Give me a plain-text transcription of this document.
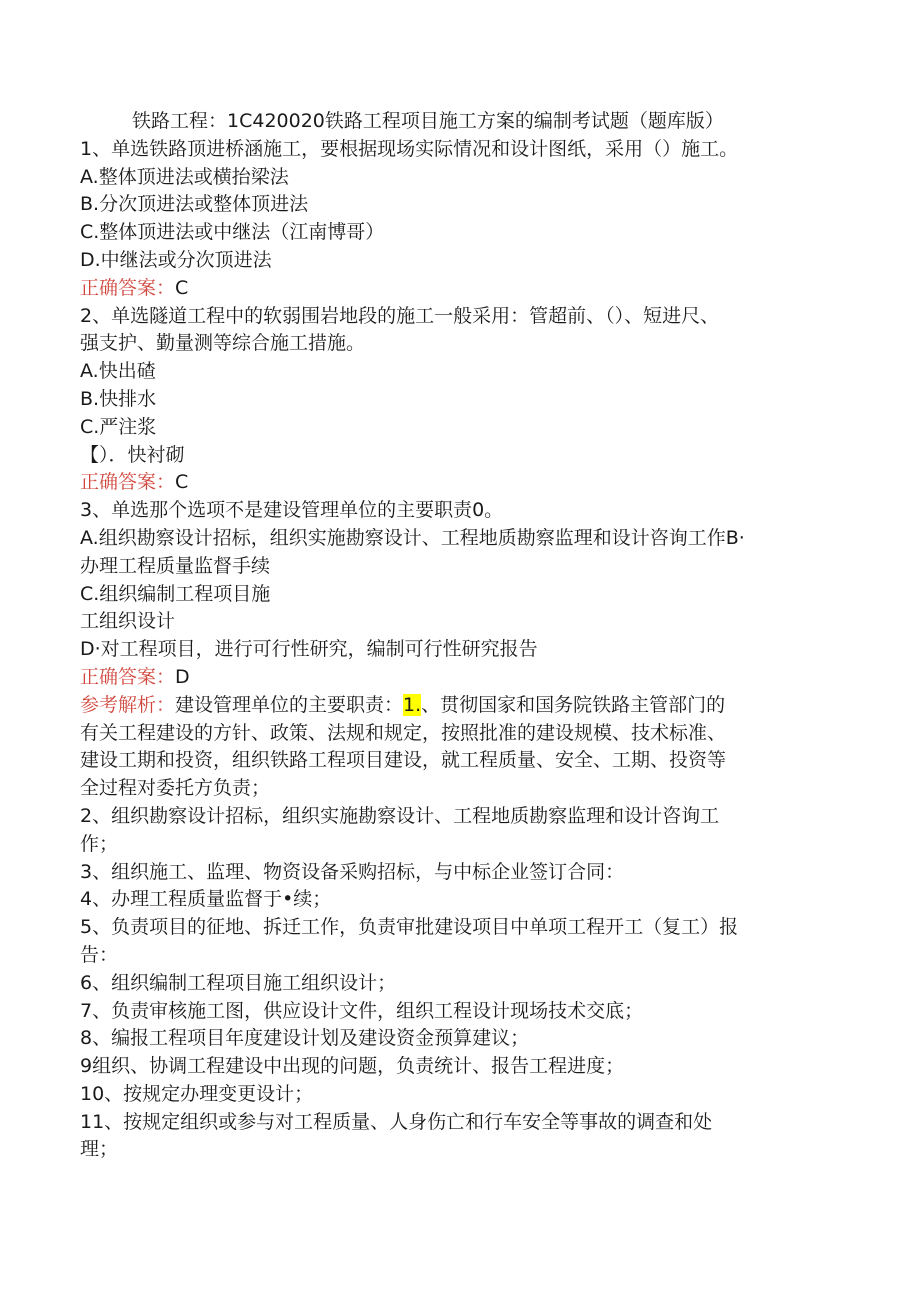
铁路工程：1C420020铁路工程项目施工方案的编制考试题（题库版）
1、单选铁路顶进桥涵施工，要根据现场实际情况和设计图纸，采用（）施工。
A.整体顶进法或横抬梁法
B.分次顶进法或整体顶进法
C.整体顶进法或中继法（江南博哥）
D.中继法或分次顶进法
正确答案：C
2、单选隧道工程中的软弱围岩地段的施工一般采用：管超前、（）、短进尺、
强支护、勤量测等综合施工措施。
A.快出碴
B.快排水
C.严注浆
【）．快衬砌
正确答案：C
3、单选那个选项不是建设管理单位的主要职责0。
A.组织勘察设计招标，组织实施勘察设计、工程地质勘察监理和设计咨询工作B·
办理工程质量监督手续
C.组织编制工程项目施
工组织设计
D·对工程项目，进行可行性研究，编制可行性研究报告
正确答案：D
参考解析：建设管理单位的主要职责：1.、贯彻国家和国务院铁路主管部门的
有关工程建设的方针、政策、法规和规定，按照批准的建设规模、技术标准、
建设工期和投资，组织铁路工程项目建设，就工程质量、安全、工期、投资等
全过程对委托方负责；
2、组织勘察设计招标，组织实施勘察设计、工程地质勘察监理和设计咨询工
作；
3、组织施工、监理、物资设备采购招标，与中标企业签订合同：
4、办理工程质量监督于•续；
5、负责项目的征地、拆迁工作，负责审批建设项目中单项工程开工（复工）报
告：
6、组织编制工程项目施工组织设计；
7、负责审核施工图，供应设计文件，组织工程设计现场技术交底；
8、编报工程项目年度建设计划及建设资金预算建议；
9组织、协调工程建设中出现的问题，负责统计、报告工程进度；
10、按规定办理变更设计；
11、按规定组织或参与对工程质量、人身伤亡和行车安全等事故的调查和处
理；
